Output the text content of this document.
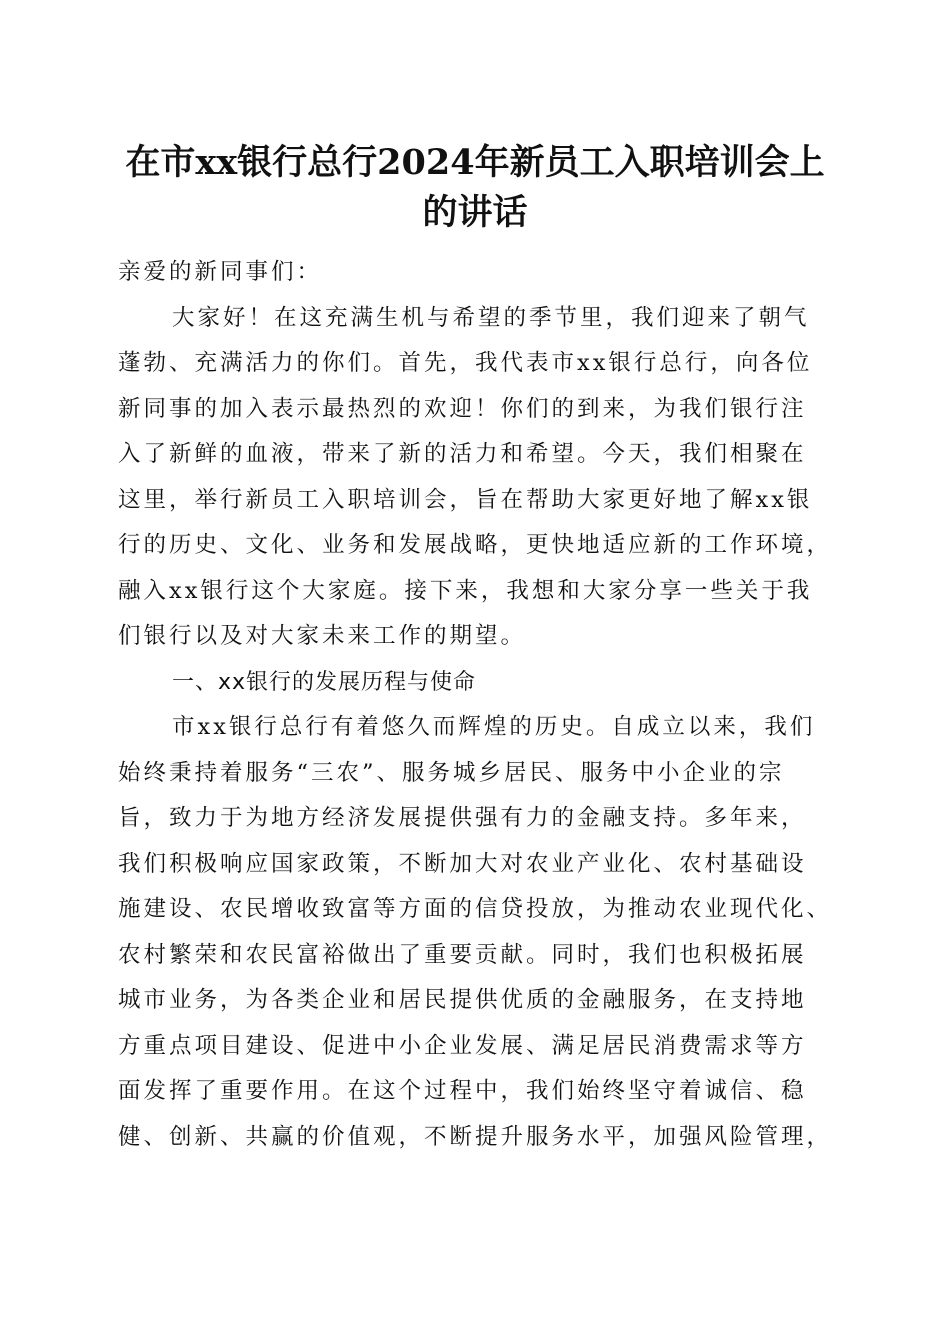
在市xx银行总行2024年新员工入职培训会上
的讲话
亲爱的新同事们：
大家好！在这充满生机与希望的季节里，我们迎来了朝气
蓬勃、充满活力的你们。首先，我代表市xx银行总行，向各位
新同事的加入表示最热烈的欢迎！你们的到来，为我们银行注
入了新鲜的血液，带来了新的活力和希望。今天，我们相聚在
这里，举行新员工入职培训会，旨在帮助大家更好地了解xx银
行的历史、文化、业务和发展战略，更快地适应新的工作环境，
融入xx银行这个大家庭。接下来，我想和大家分享一些关于我
们银行以及对大家未来工作的期望。
一、xx银行的发展历程与使命
市xx银行总行有着悠久而辉煌的历史。自成立以来，我们
始终秉持着服务“三农”、服务城乡居民、服务中小企业的宗
旨，致力于为地方经济发展提供强有力的金融支持。多年来，
我们积极响应国家政策，不断加大对农业产业化、农村基础设
施建设、农民增收致富等方面的信贷投放，为推动农业现代化、
农村繁荣和农民富裕做出了重要贡献。同时，我们也积极拓展
城市业务，为各类企业和居民提供优质的金融服务，在支持地
方重点项目建设、促进中小企业发展、满足居民消费需求等方
面发挥了重要作用。在这个过程中，我们始终坚守着诚信、稳
健、创新、共赢的价值观，不断提升服务水平，加强风险管理，
